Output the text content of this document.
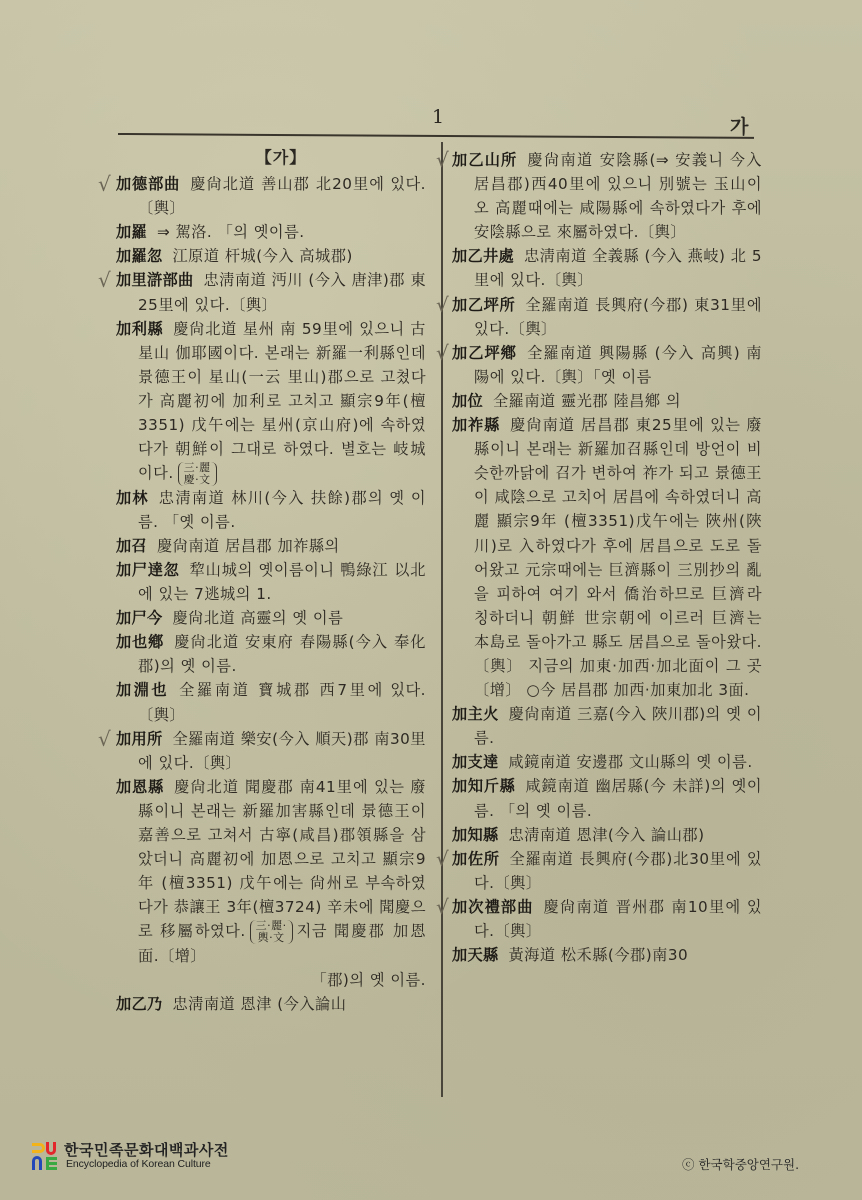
1	가
【가】
√ 加德部曲 慶尙北道 善山郡 北20里에 있다.〔輿〕
加羅 ⇒ 駕洛. 「의 옛이름.
加羅忽 江原道 杆城(今入 高城郡)
√ 加里滸部曲 忠淸南道 沔川 (今入 唐津)郡 東 25里에 있다.〔輿〕
加利縣 慶尙北道 星州 南 59里에 있으니 古星山 伽耶國이다. 본래는 新羅一利縣인데 景德王이 星山(一云 里山)郡으로 고쳤다가 高麗初에 加利로 고치고 顯宗9年(檀3351) 戊午에는 星州(京山府)에 속하였다가 朝鮮이 그대로 하였다. 별호는 岐城이다. 三·麗
慶·文
加林 忠淸南道 林川(今入 扶餘)郡의 옛 이름. 「옛 이름.
加召 慶尙南道 居昌郡 加祚縣의
加尸達忽 犂山城의 옛이름이니 鴨綠江 以北에 있는 7逃城의 1.
加尸今 慶尙北道 高靈의 옛 이름
加也鄕 慶尙北道 安東府 春陽縣(今入 奉化郡)의 옛 이름.
加淵也 全羅南道 寶城郡 西7里에 있다.〔輿〕
√ 加用所 全羅南道 樂安(今入 順天)郡 南30里에 있다.〔輿〕
加恩縣 慶尙北道 聞慶郡 南41里에 있는 廢縣이니 본래는 新羅加害縣인데 景德王이 嘉善으로 고쳐서 古寧(咸昌)郡領縣을 삼았더니 高麗初에 加恩으로 고치고 顯宗9年 (檀3351) 戊午에는 尙州로 부속하였다가 恭讓王 3年(檀3724) 辛未에 聞慶으로 移屬하였다. 三·麗·
輿·文 지금 聞慶郡 加恩面.〔增〕
「郡)의 옛 이름.
加乙乃 忠淸南道 恩津 (今入論山
√ 加乙山所 慶尙南道 安陰縣(⇒ 安義니 今入 居昌郡)西40里에 있으니 別號는 玉山이오 高麗때에는 咸陽縣에 속하였다가 후에 安陰縣으로 來屬하였다.〔輿〕
加乙井處 忠淸南道 全義縣 (今入 燕岐) 北 5里에 있다.〔輿〕
√ 加乙坪所 全羅南道 長興府(今郡) 東31里에 있다.〔輿〕
√ 加乙坪鄕 全羅南道 興陽縣 (今入 高興) 南陽에 있다.〔輿〕「옛 이름
加位 全羅南道 靈光郡 陸昌鄕 의
加祚縣 慶尙南道 居昌郡 東25里에 있는 廢縣이니 본래는 新羅加召縣인데 방언이 비슷한까닭에 召가 변하여 祚가 되고 景德王이 咸陰으로 고치어 居昌에 속하였더니 高麗 顯宗9年 (檀3351)戊午에는 陜州(陜川)로 入하였다가 후에 居昌으로 도로 돌어왔고 元宗때에는 巨濟縣이 三別抄의 亂을 피하여 여기 와서 僑治하므로 巨濟라 칭하더니 朝鮮 世宗朝에 이르러 巨濟는 本島로 돌아가고 縣도 居昌으로 돌아왔다.〔輿〕 지금의 加東·加西·加北面이 그 곳〔增〕 ○今 居昌郡 加西·加東加北 3面.
加主火 慶尙南道 三嘉(今入 陜川郡)의 옛 이름.
加支達 咸鏡南道 安邊郡 文山縣의 옛 이름.
加知斤縣 咸鏡南道 幽居縣(今 未詳)의 옛이름. 「의 옛 이름.
加知縣 忠淸南道 恩津(今入 論山郡)
√ 加佐所 全羅南道 長興府(今郡)北30里에 있다.〔輿〕
√ 加次禮部曲 慶尙南道 晋州郡 南10里에 있다.〔輿〕
加天縣 黃海道 松禾縣(今郡)南30
한국민족문화대백과사전
Encyclopedia of Korean Culture	ⓒ 한국학중앙연구원.
